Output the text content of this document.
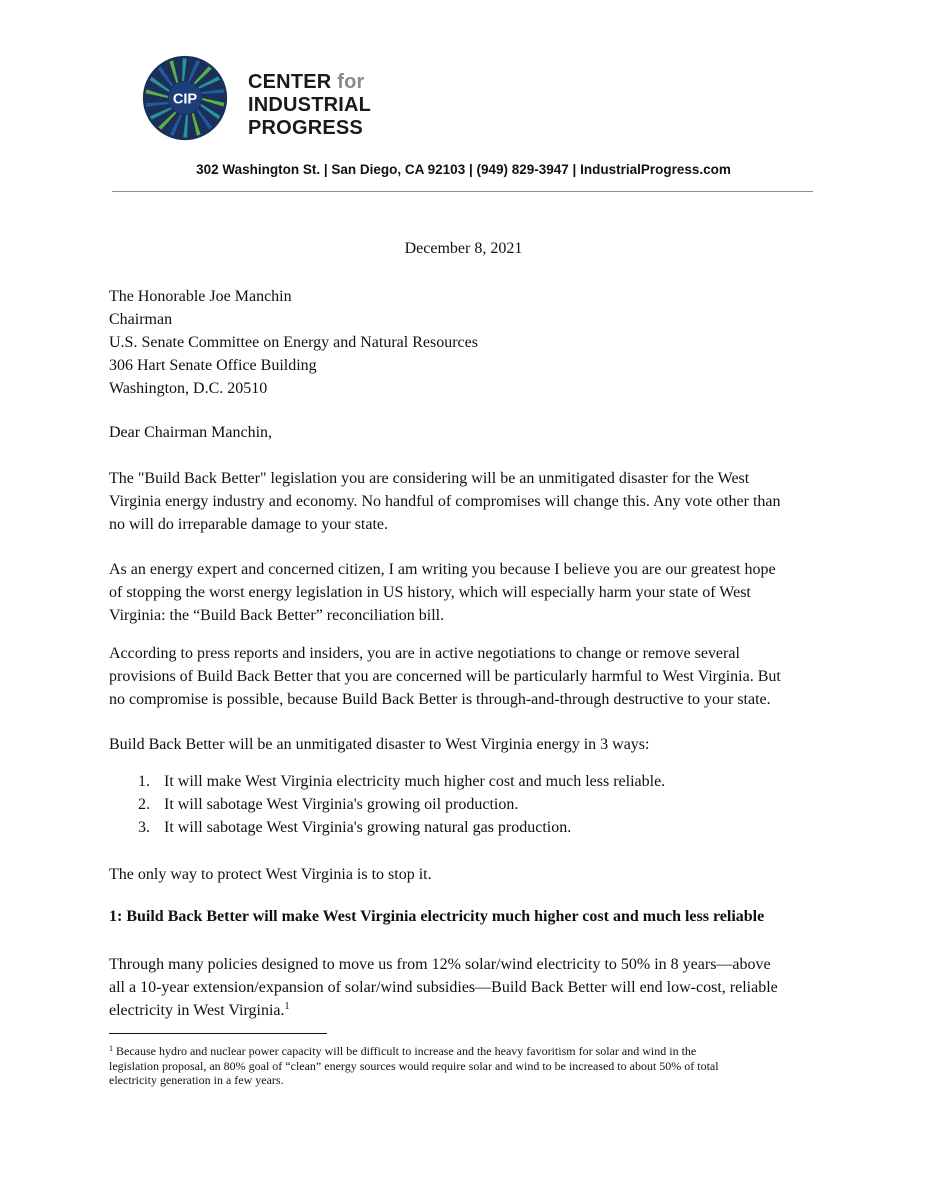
CIP
CENTER for
INDUSTRIAL
PROGRESS
302 Washington St. | San Diego, CA 92103 | (949) 829-3947 | IndustrialProgress.com
December 8, 2021
The Honorable Joe Manchin
Chairman
U.S. Senate Committee on Energy and Natural Resources
306 Hart Senate Office Building
Washington, D.C. 20510
Dear Chairman Manchin,
The "Build Back Better" legislation you are considering will be an unmitigated disaster for the West
Virginia energy industry and economy. No handful of compromises will change this. Any vote other than
no will do irreparable damage to your state.
As an energy expert and concerned citizen, I am writing you because I believe you are our greatest hope
of stopping the worst energy legislation in US history, which will especially harm your state of West
Virginia: the “Build Back Better” reconciliation bill.
According to press reports and insiders, you are in active negotiations to change or remove several
provisions of Build Back Better that you are concerned will be particularly harmful to West Virginia. But
no compromise is possible, because Build Back Better is through-and-through destructive to your state.
Build Back Better will be an unmitigated disaster to West Virginia energy in 3 ways:
1. It will make West Virginia electricity much higher cost and much less reliable.
2. It will sabotage West Virginia's growing oil production.
3. It will sabotage West Virginia's growing natural gas production.
The only way to protect West Virginia is to stop it.
1: Build Back Better will make West Virginia electricity much higher cost and much less reliable
Through many policies designed to move us from 12% solar/wind electricity to 50% in 8 years—above
all a 10-year extension/expansion of solar/wind subsidies—Build Back Better will end low-cost, reliable
electricity in West Virginia.$^1$
$^1$ Because hydro and nuclear power capacity will be difficult to increase and the heavy favoritism for solar and wind in the
legislation proposal, an 80% goal of “clean” energy sources would require solar and wind to be increased to about 50% of total
electricity generation in a few years.
